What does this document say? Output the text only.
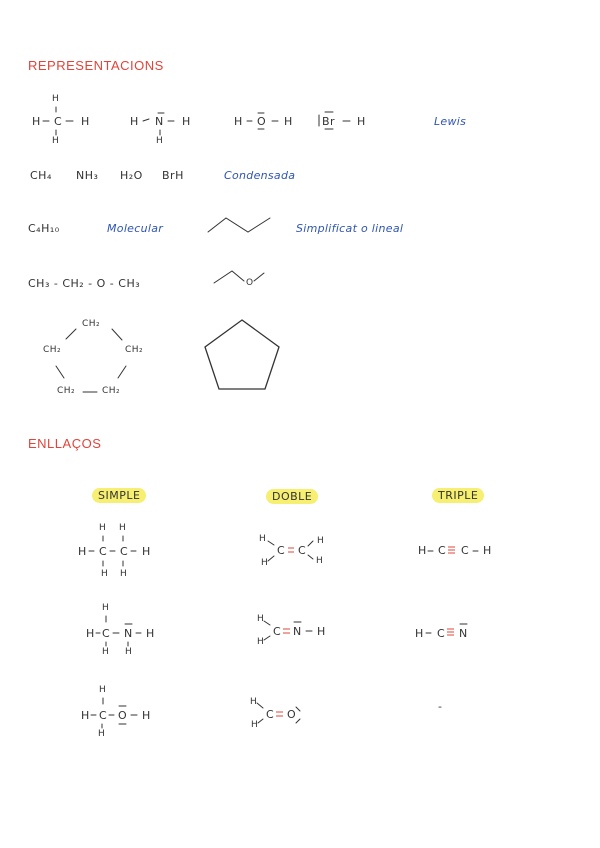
REPRESENTACIONS
H
H C H
H
H N H
H
H O H	Br H	Lewis
CH₄ NH₃ H₂O BrH	Condensada
C₄H₁₀	Molecular	Simplificat o lineal
CH₃ - CH₂ - O - CH₃	O
CH₂
CH₂	CH₂
CH₂	CH₂
ENLLAÇOS
SIMPLE	DOBLE	TRIPLE
H H
H C C H
H H
H
H C N H
H H
H
H C O H
H
H
H
C C
H
H
H
H
C N H
H
H
C O
H C C H
H C N
-
